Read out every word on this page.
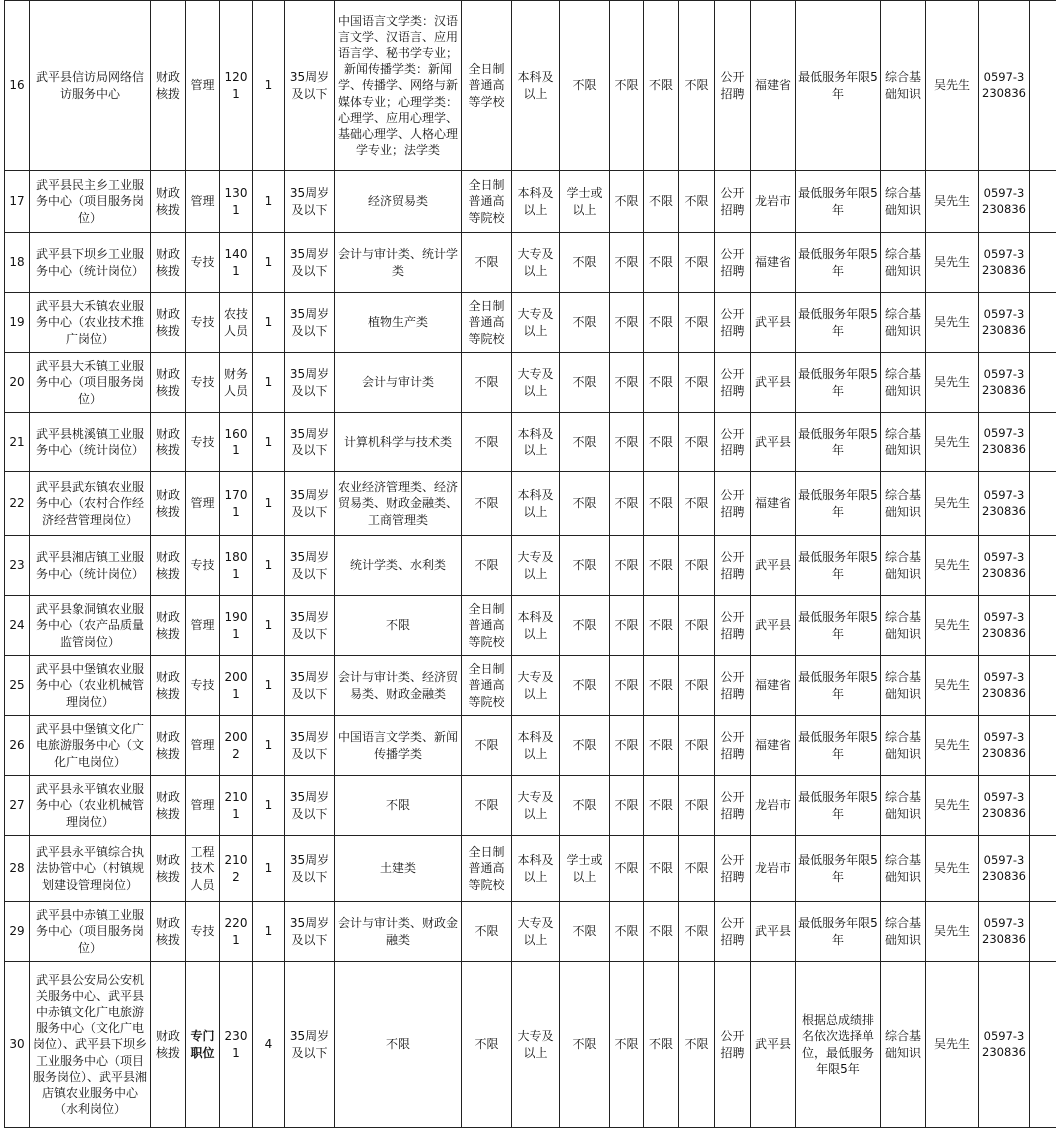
16	武平县信访局网络信访服务中心	财政核拨	管理	1201	1	35周岁及以下	中国语言文学类：汉语言文学、汉语言、应用语言学、秘书学专业；新闻传播学类：新闻学、传播学、网络与新媒体专业；心理学类：心理学、应用心理学、基础心理学、人格心理学专业；法学类	全日制普通高等学校	本科及以上	不限	不限	不限	不限	公开招聘	福建省	最低服务年限5年	综合基础知识	吴先生	0597-3230836	
17	武平县民主乡工业服务中心（项目服务岗位）	财政核拨	管理	1301	1	35周岁及以下	经济贸易类	全日制普通高等院校	本科及以上	学士或以上	不限	不限	不限	公开招聘	龙岩市	最低服务年限5年	综合基础知识	吴先生	0597-3230836	
18	武平县下坝乡工业服务中心（统计岗位）	财政核拨	专技	1401	1	35周岁及以下	会计与审计类、统计学类	不限	大专及以上	不限	不限	不限	不限	公开招聘	福建省	最低服务年限5年	综合基础知识	吴先生	0597-3230836	
19	武平县大禾镇农业服务中心（农业技术推广岗位）	财政核拨	专技	农技人员	1	35周岁及以下	植物生产类	全日制普通高等院校	大专及以上	不限	不限	不限	不限	公开招聘	武平县	最低服务年限5年	综合基础知识	吴先生	0597-3230836	
20	武平县大禾镇工业服务中心（项目服务岗位）	财政核拨	专技	财务人员	1	35周岁及以下	会计与审计类	不限	大专及以上	不限	不限	不限	不限	公开招聘	武平县	最低服务年限5年	综合基础知识	吴先生	0597-3230836	
21	武平县桃溪镇工业服务中心（统计岗位）	财政核拨	专技	1601	1	35周岁及以下	计算机科学与技术类	不限	本科及以上	不限	不限	不限	不限	公开招聘	武平县	最低服务年限5年	综合基础知识	吴先生	0597-3230836	
22	武平县武东镇农业服务中心（农村合作经济经营管理岗位）	财政核拨	管理	1701	1	35周岁及以下	农业经济管理类、经济贸易类、财政金融类、工商管理类	不限	本科及以上	不限	不限	不限	不限	公开招聘	福建省	最低服务年限5年	综合基础知识	吴先生	0597-3230836	
23	武平县湘店镇工业服务中心（统计岗位）	财政核拨	专技	1801	1	35周岁及以下	统计学类、水利类	不限	大专及以上	不限	不限	不限	不限	公开招聘	武平县	最低服务年限5年	综合基础知识	吴先生	0597-3230836	
24	武平县象洞镇农业服务中心（农产品质量监管岗位）	财政核拨	管理	1901	1	35周岁及以下	不限	全日制普通高等院校	本科及以上	不限	不限	不限	不限	公开招聘	武平县	最低服务年限5年	综合基础知识	吴先生	0597-3230836	
25	武平县中堡镇农业服务中心（农业机械管理岗位）	财政核拨	专技	2001	1	35周岁及以下	会计与审计类、经济贸易类、财政金融类	全日制普通高等院校	大专及以上	不限	不限	不限	不限	公开招聘	福建省	最低服务年限5年	综合基础知识	吴先生	0597-3230836	
26	武平县中堡镇文化广电旅游服务中心（文化广电岗位）	财政核拨	管理	2002	1	35周岁及以下	中国语言文学类、新闻传播学类	不限	本科及以上	不限	不限	不限	不限	公开招聘	福建省	最低服务年限5年	综合基础知识	吴先生	0597-3230836	
27	武平县永平镇农业服务中心（农业机械管理岗位）	财政核拨	管理	2101	1	35周岁及以下	不限	不限	大专及以上	不限	不限	不限	不限	公开招聘	龙岩市	最低服务年限5年	综合基础知识	吴先生	0597-3230836	
28	武平县永平镇综合执法协管中心（村镇规划建设管理岗位）	财政核拨	工程技术人员	2102	1	35周岁及以下	土建类	全日制普通高等院校	本科及以上	学士或以上	不限	不限	不限	公开招聘	龙岩市	最低服务年限5年	综合基础知识	吴先生	0597-3230836	
29	武平县中赤镇工业服务中心（项目服务岗位）	财政核拨	专技	2201	1	35周岁及以下	会计与审计类、财政金融类	不限	大专及以上	不限	不限	不限	不限	公开招聘	武平县	最低服务年限5年	综合基础知识	吴先生	0597-3230836	
30	武平县公安局公安机关服务中心、武平县中赤镇文化广电旅游服务中心（文化广电岗位）、武平县下坝乡工业服务中心（项目服务岗位）、武平县湘店镇农业服务中心（水利岗位）	财政核拨	专门职位	2301	4	35周岁及以下	不限	不限	大专及以上	不限	不限	不限	不限	公开招聘	武平县	根据总成绩排名依次选择单位，最低服务年限5年	综合基础知识	吴先生	0597-3230836	
